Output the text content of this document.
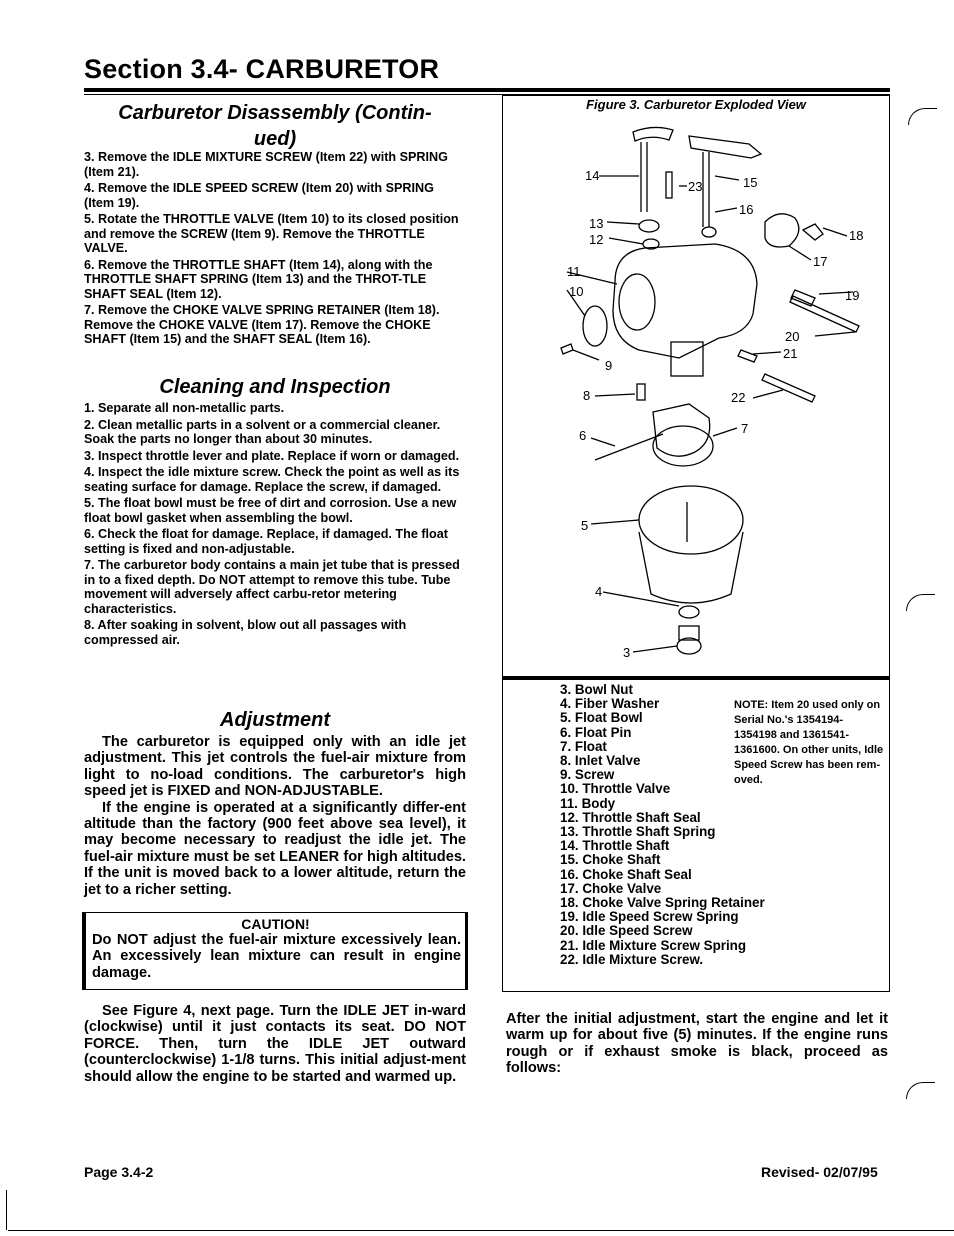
Section 3.4- CARBURETOR
Carburetor Disassembly (Contin-
ued)

3. Remove the IDLE MIXTURE SCREW (Item 22) with SPRING (Item 21).

4. Remove the IDLE SPEED SCREW (Item 20) with SPRING (Item 19).

5. Rotate the THROTTLE VALVE (Item 10) to its closed position and remove the SCREW (Item 9). Remove the THROTTLE VALVE.

6. Remove the THROTTLE SHAFT (Item 14), along with the THROTTLE SHAFT SPRING (Item 13) and the THROT-TLE SHAFT SEAL (Item 12).

7. Remove the CHOKE VALVE SPRING RETAINER (Item 18). Remove the CHOKE VALVE (Item 17). Remove the CHOKE SHAFT (Item 15) and the SHAFT SEAL (Item 16).

Cleaning and Inspection

1. Separate all non-metallic parts.

2. Clean metallic parts in a solvent or a commercial cleaner. Soak the parts no longer than about 30 minutes.

3. Inspect throttle lever and plate. Replace if worn or damaged.

4. Inspect the idle mixture screw. Check the point as well as its seating surface for damage. Replace the screw, if damaged.

5. The float bowl must be free of dirt and corrosion. Use a new float bowl gasket when assembling the bowl.

6. Check the float for damage. Replace, if damaged. The float setting is fixed and non-adjustable.

7. The carburetor body contains a main jet tube that is pressed in to a fixed depth. Do NOT attempt to remove this tube. Tube movement will adversely affect carbu-retor metering characteristics.

8. After soaking in solvent, blow out all passages with compressed air.

Adjustment

The carburetor is equipped only with an idle jet adjustment. This jet controls the fuel-air mixture from light to no-load conditions. The carburetor's high speed jet is FIXED and NON-ADJUSTABLE.

If the engine is operated at a significantly differ-ent altitude than the factory (900 feet above sea level), it may become necessary to readjust the idle jet. The fuel-air mixture must be set LEANER for high altitudes. If the unit is moved back to a lower altitude, return the jet to a richer setting.

CAUTION!
Do NOT adjust the fuel-air mixture excessively lean. An excessively lean mixture can result in engine damage.

See Figure 4, next page. Turn the IDLE JET in-ward (clockwise) until it just contacts its seat. DO NOT FORCE. Then, turn the IDLE JET outward (counterclockwise) 1-1/8 turns. This initial adjust-ment should allow the engine to be started and warmed up.

Figure 3. Carburetor Exploded View
14
23	15
16
13
12	18
17
11
10	19
20
21
9
8	22
6	7
5
4
3
3. Bowl Nut
4. Fiber Washer
5. Float Bowl
6. Float Pin
7. Float
8. Inlet Valve
9. Screw
10. Throttle Valve
11. Body
12. Throttle Shaft Seal
13. Throttle Shaft Spring
14. Throttle Shaft
15. Choke Shaft
16. Choke Shaft Seal
17. Choke Valve
18. Choke Valve Spring Retainer
19. Idle Speed Screw Spring
20. Idle Speed Screw
21. Idle Mixture Screw Spring
22. Idle Mixture Screw.
NOTE: Item 20 used only on Serial No.'s 1354194-1354198 and 1361541-1361600. On other units, Idle Speed Screw has been rem-oved.

After the initial adjustment, start the engine and let it warm up for about five (5) minutes. If the engine runs rough or if exhaust smoke is black, proceed as follows:

Page 3.4-2	Revised- 02/07/95
